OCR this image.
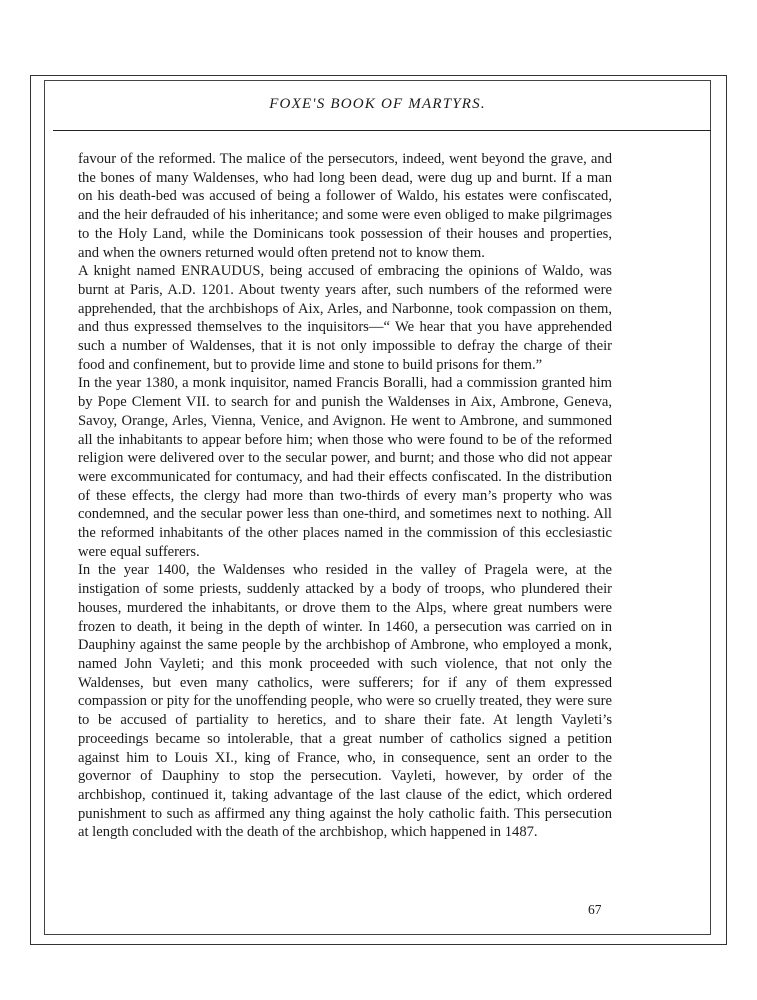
FOXE'S BOOK OF MARTYRS.

favour of the reformed. The malice of the persecutors, indeed, went beyond the grave, and the bones of many Waldenses, who had long been dead, were dug up and burnt. If a man on his death-bed was accused of being a follower of Waldo, his estates were confiscated, and the heir defrauded of his inheritance; and some were even obliged to make pilgrimages to the Holy Land, while the Dominicans took possession of their houses and properties, and when the owners returned would often pretend not to know them.

A knight named ENRAUDUS, being accused of embracing the opinions of Waldo, was burnt at Paris, A.D. 1201. About twenty years after, such numbers of the reformed were apprehended, that the archbishops of Aix, Arles, and Narbonne, took compassion on them, and thus expressed themselves to the inquisitors—“ We hear that you have apprehended such a number of Waldenses, that it is not only impossible to defray the charge of their food and confinement, but to provide lime and stone to build prisons for them.”

In the year 1380, a monk inquisitor, named Francis Boralli, had a commission granted him by Pope Clement VII. to search for and punish the Waldenses in Aix, Ambrone, Geneva, Savoy, Orange, Arles, Vienna, Venice, and Avignon. He went to Ambrone, and summoned all the inhabitants to appear before him; when those who were found to be of the reformed religion were delivered over to the secular power, and burnt; and those who did not appear were excommunicated for contumacy, and had their effects confiscated. In the distribution of these effects, the clergy had more than two-thirds of every man’s property who was condemned, and the secular power less than one-third, and sometimes next to nothing. All the reformed inhabitants of the other places named in the commission of this ecclesiastic were equal sufferers.

In the year 1400, the Waldenses who resided in the valley of Pragela were, at the instigation of some priests, suddenly attacked by a body of troops, who plundered their houses, murdered the inhabitants, or drove them to the Alps, where great numbers were frozen to death, it being in the depth of winter. In 1460, a persecution was carried on in Dauphiny against the same people by the archbishop of Ambrone, who employed a monk, named John Vayleti; and this monk proceeded with such violence, that not only the Waldenses, but even many catholics, were sufferers; for if any of them expressed compassion or pity for the unoffending people, who were so cruelly treated, they were sure to be accused of partiality to heretics, and to share their fate. At length Vayleti’s proceedings became so intolerable, that a great number of catholics signed a petition against him to Louis XI., king of France, who, in consequence, sent an order to the governor of Dauphiny to stop the persecution. Vayleti, however, by order of the archbishop, continued it, taking advantage of the last clause of the edict, which ordered punishment to such as affirmed any thing against the holy catholic faith. This persecution at length concluded with the death of the archbishop, which happened in 1487.

67
